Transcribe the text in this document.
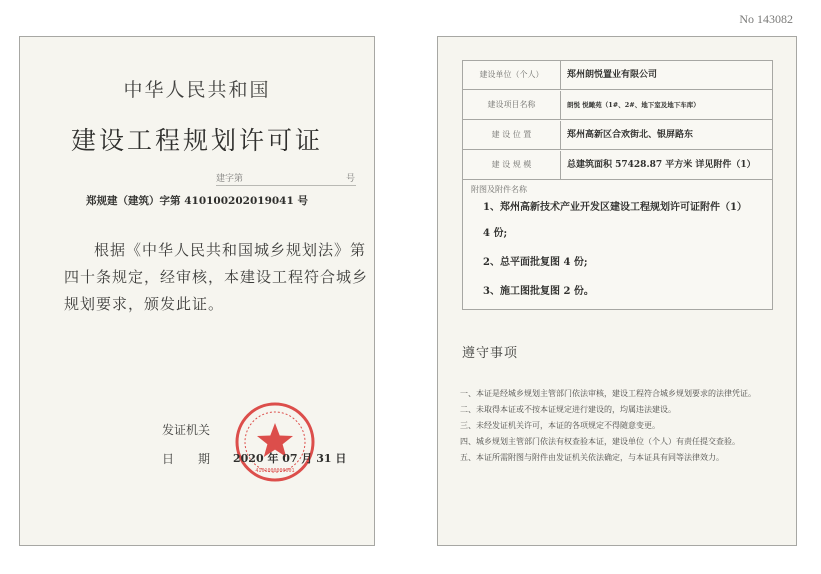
No 143082
中华人民共和国
建设工程规划许可证
建字第	号
郑规建（建筑）字第 410100202019041 号
根据《中华人民共和国城乡规划法》第
四十条规定，经审核，本建设工程符合城乡
规划要求，颁发此证。
发证机关
日　　期
4101000000001
2020 年 07 月 31 日
建设单位（个人）	郑州朗悦置业有限公司
建设项目名称	朗悦 悦瞰苑（1#、2#、地下室及地下车库）
建 设 位 置	郑州高新区合欢街北、银屏路东
建 设 规 模	总建筑面积 57428.87 平方米 详见附件（1）
附图及附件名称
1、郑州高新技术产业开发区建设工程规划许可证附件（1）
4 份;
2、总平面批复图 4 份;
3、施工图批复图 2 份。
遵守事项
一、本证是经城乡规划主管部门依法审核，建设工程符合城乡规划要求的法律凭证。
二、未取得本证或不按本证规定进行建设的，均属违法建设。
三、未经发证机关许可，本证的各项规定不得随意变更。
四、城乡规划主管部门依法有权查验本证，建设单位（个人）有责任提交查验。
五、本证所需附图与附件由发证机关依法确定，与本证具有同等法律效力。
